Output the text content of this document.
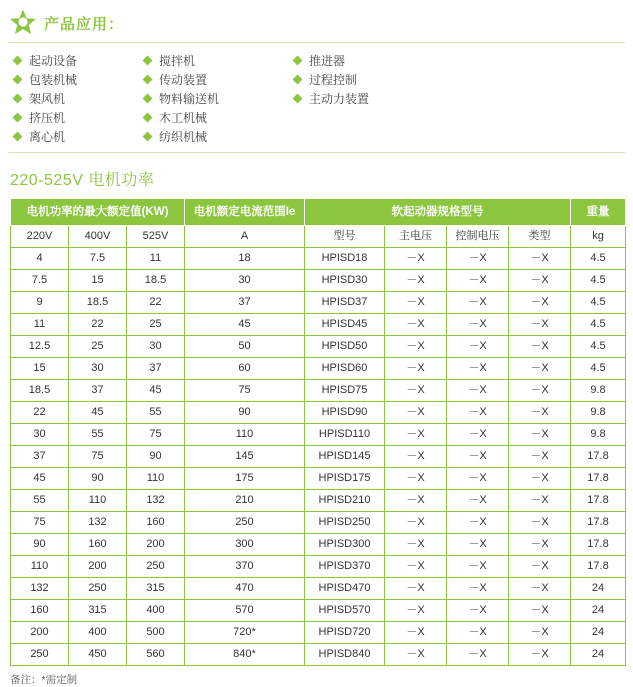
产品应用：
起动设备
包装机械
架风机
挤压机
离心机
搅拌机
传动装置
物料输送机
木工机械
纺织机械
推进器
过程控制
主动力装置
220-525V 电机功率
电机功率的最大额定值(KW)			电机额定电流范围Ie	软起动器规格型号				重量
220V	400V	525V	A	型号	主电压	控制电压	类型	kg
4	7.5	11	18	HPISD18	－X	－X	－X	4.5
7.5	15	18.5	30	HPISD30	－X	－X	－X	4.5
9	18.5	22	37	HPISD37	－X	－X	－X	4.5
11	22	25	45	HPISD45	－X	－X	－X	4.5
12.5	25	30	50	HPISD50	－X	－X	－X	4.5
15	30	37	60	HPISD60	－X	－X	－X	4.5
18.5	37	45	75	HPISD75	－X	－X	－X	9.8
22	45	55	90	HPISD90	－X	－X	－X	9.8
30	55	75	110	HPISD110	－X	－X	－X	9.8
37	75	90	145	HPISD145	－X	－X	－X	17.8
45	90	110	175	HPISD175	－X	－X	－X	17.8
55	110	132	210	HPISD210	－X	－X	－X	17.8
75	132	160	250	HPISD250	－X	－X	－X	17.8
90	160	200	300	HPISD300	－X	－X	－X	17.8
110	200	250	370	HPISD370	－X	－X	－X	17.8
132	250	315	470	HPISD470	－X	－X	－X	24
160	315	400	570	HPISD570	－X	－X	－X	24
200	400	500	720*	HPISD720	－X	－X	－X	24
250	450	560	840*	HPISD840	－X	－X	－X	24
备注：*需定制
